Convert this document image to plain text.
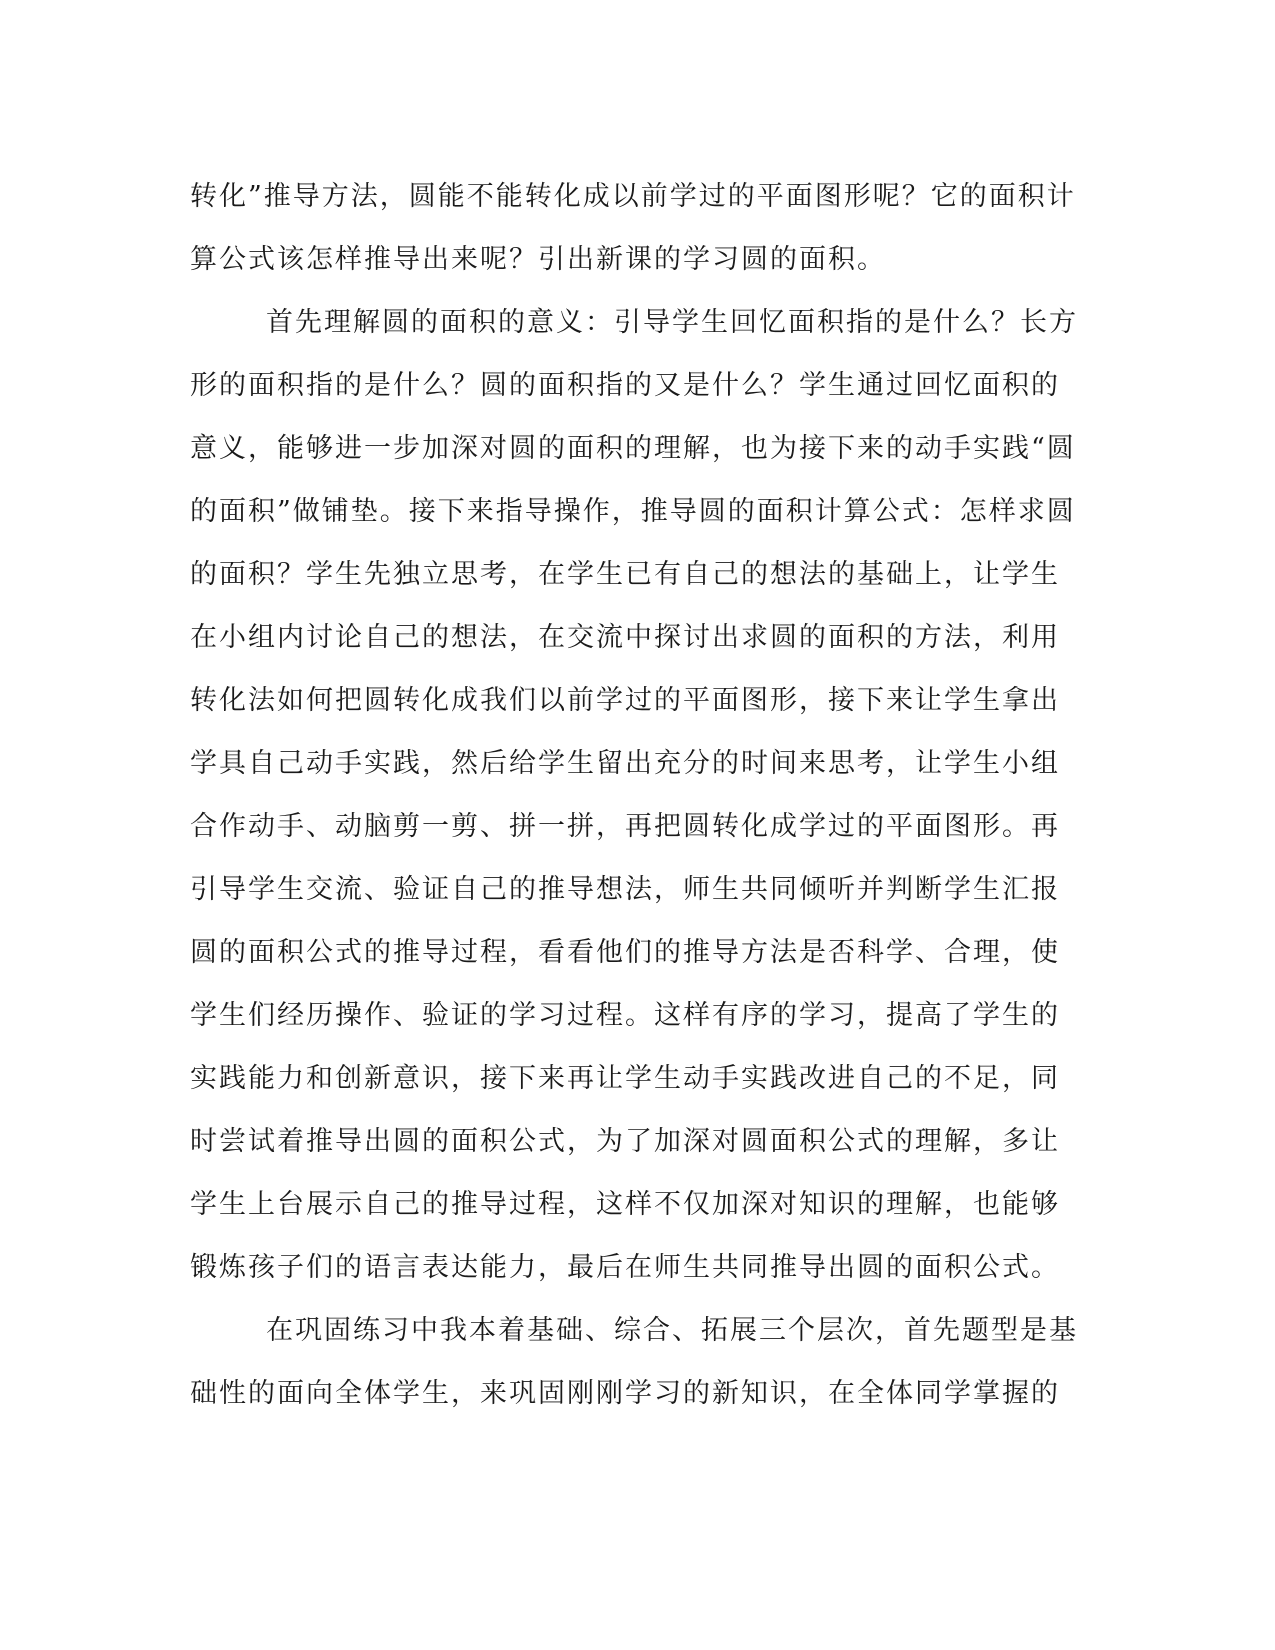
转化”推导方法，圆能不能转化成以前学过的平面图形呢？它的面积计
算公式该怎样推导出来呢？引出新课的学习圆的面积。
首先理解圆的面积的意义：引导学生回忆面积指的是什么？长方
形的面积指的是什么？圆的面积指的又是什么？学生通过回忆面积的
意义，能够进一步加深对圆的面积的理解，也为接下来的动手实践“圆
的面积”做铺垫。接下来指导操作，推导圆的面积计算公式：怎样求圆
的面积？学生先独立思考，在学生已有自己的想法的基础上，让学生
在小组内讨论自己的想法，在交流中探讨出求圆的面积的方法，利用
转化法如何把圆转化成我们以前学过的平面图形，接下来让学生拿出
学具自己动手实践，然后给学生留出充分的时间来思考，让学生小组
合作动手、动脑剪一剪、拼一拼，再把圆转化成学过的平面图形。再
引导学生交流、验证自己的推导想法，师生共同倾听并判断学生汇报
圆的面积公式的推导过程，看看他们的推导方法是否科学、合理，使
学生们经历操作、验证的学习过程。这样有序的学习，提高了学生的
实践能力和创新意识，接下来再让学生动手实践改进自己的不足，同
时尝试着推导出圆的面积公式，为了加深对圆面积公式的理解，多让
学生上台展示自己的推导过程，这样不仅加深对知识的理解，也能够
锻炼孩子们的语言表达能力，最后在师生共同推导出圆的面积公式。
在巩固练习中我本着基础、综合、拓展三个层次，首先题型是基
础性的面向全体学生，来巩固刚刚学习的新知识，在全体同学掌握的
